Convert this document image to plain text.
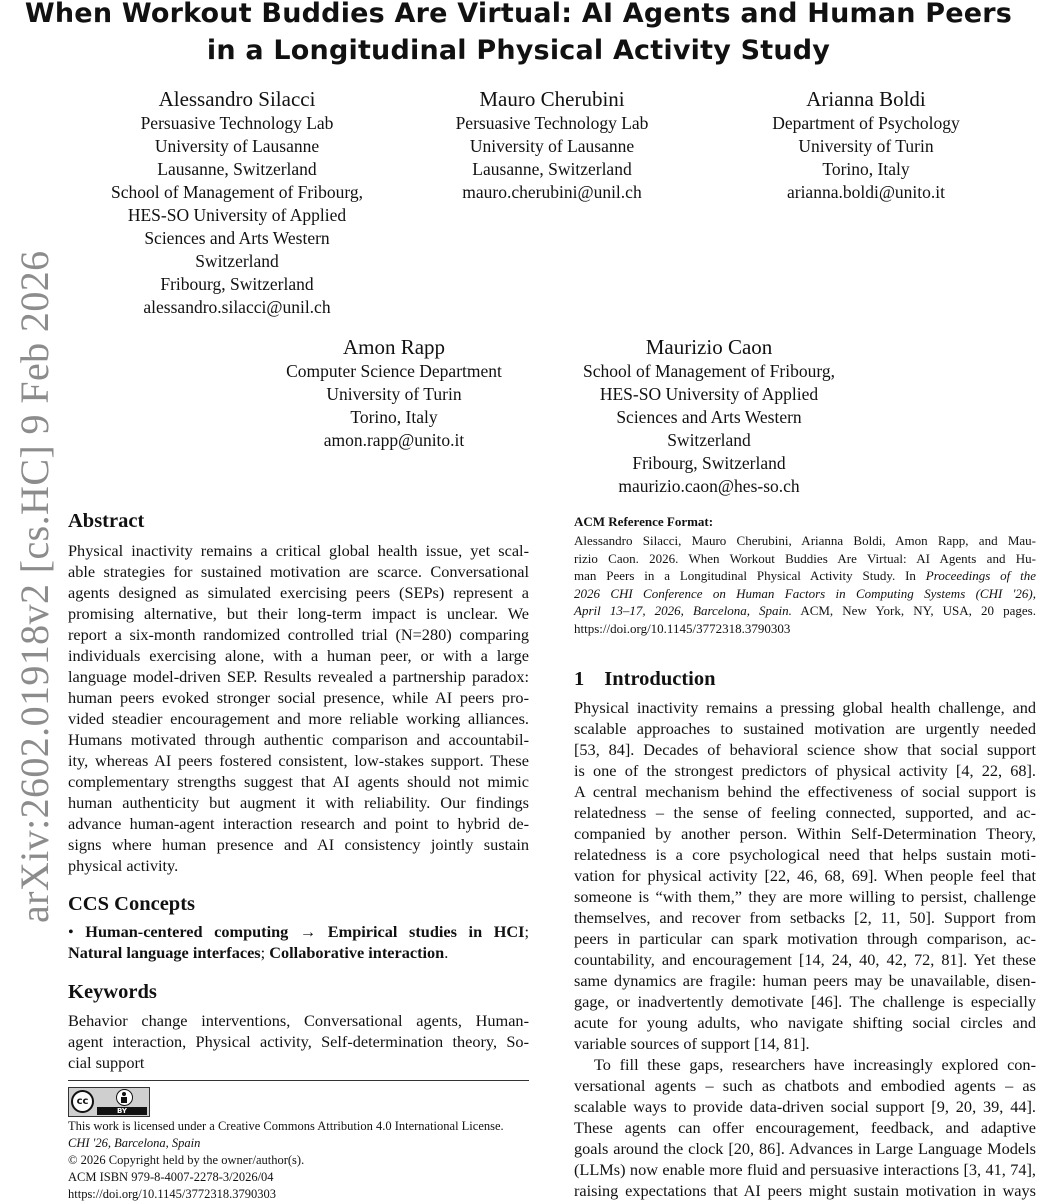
When Workout Buddies Are Virtual: AI Agents and Human Peers
in a Longitudinal Physical Activity Study
arXiv:2602.01918v2 [cs.HC] 9 Feb 2026
Alessandro Silacci
Persuasive Technology Lab
University of Lausanne
Lausanne, Switzerland
School of Management of Fribourg,
HES-SO University of Applied
Sciences and Arts Western
Switzerland
Fribourg, Switzerland
alessandro.silacci@unil.ch
Mauro Cherubini
Persuasive Technology Lab
University of Lausanne
Lausanne, Switzerland
mauro.cherubini@unil.ch
Arianna Boldi
Department of Psychology
University of Turin
Torino, Italy
arianna.boldi@unito.it
Amon Rapp
Computer Science Department
University of Turin
Torino, Italy
amon.rapp@unito.it
Maurizio Caon
School of Management of Fribourg,
HES-SO University of Applied
Sciences and Arts Western
Switzerland
Fribourg, Switzerland
maurizio.caon@hes-so.ch
Abstract
Physical inactivity remains a critical global health issue, yet scal-
able strategies for sustained motivation are scarce. Conversational
agents designed as simulated exercising peers (SEPs) represent a
promising alternative, but their long-term impact is unclear. We
report a six-month randomized controlled trial (N=280) comparing
individuals exercising alone, with a human peer, or with a large
language model-driven SEP. Results revealed a partnership paradox:
human peers evoked stronger social presence, while AI peers pro-
vided steadier encouragement and more reliable working alliances.
Humans motivated through authentic comparison and accountabil-
ity, whereas AI peers fostered consistent, low-stakes support. These
complementary strengths suggest that AI agents should not mimic
human authenticity but augment it with reliability. Our findings
advance human-agent interaction research and point to hybrid de-
signs where human presence and AI consistency jointly sustain
physical activity.
CCS Concepts
• Human-centered computing → Empirical studies in HCI;
Natural language interfaces; Collaborative interaction.
Keywords
Behavior change interventions, Conversational agents, Human-
agent interaction, Physical activity, Self-determination theory, So-
cial support
cc
BY
This work is licensed under a Creative Commons Attribution 4.0 International License.
CHI '26, Barcelona, Spain
© 2026 Copyright held by the owner/author(s).
ACM ISBN 979-8-4007-2278-3/2026/04
https://doi.org/10.1145/3772318.3790303
ACM Reference Format:
Alessandro Silacci, Mauro Cherubini, Arianna Boldi, Amon Rapp, and Mau-
rizio Caon. 2026. When Workout Buddies Are Virtual: AI Agents and Hu-
man Peers in a Longitudinal Physical Activity Study. In Proceedings of the
2026 CHI Conference on Human Factors in Computing Systems (CHI '26),
April 13–17, 2026, Barcelona, Spain. ACM, New York, NY, USA, 20 pages.
https://doi.org/10.1145/3772318.3790303
1 Introduction
Physical inactivity remains a pressing global health challenge, and
scalable approaches to sustained motivation are urgently needed
[53, 84]. Decades of behavioral science show that social support
is one of the strongest predictors of physical activity [4, 22, 68].
A central mechanism behind the effectiveness of social support is
relatedness – the sense of feeling connected, supported, and ac-
companied by another person. Within Self-Determination Theory,
relatedness is a core psychological need that helps sustain moti-
vation for physical activity [22, 46, 68, 69]. When people feel that
someone is “with them,” they are more willing to persist, challenge
themselves, and recover from setbacks [2, 11, 50]. Support from
peers in particular can spark motivation through comparison, ac-
countability, and encouragement [14, 24, 40, 42, 72, 81]. Yet these
same dynamics are fragile: human peers may be unavailable, disen-
gage, or inadvertently demotivate [46]. The challenge is especially
acute for young adults, who navigate shifting social circles and
variable sources of support [14, 81].
To fill these gaps, researchers have increasingly explored con-
versational agents – such as chatbots and embodied agents – as
scalable ways to provide data-driven social support [9, 20, 39, 44].
These agents can offer encouragement, feedback, and adaptive
goals around the clock [20, 86]. Advances in Large Language Models
(LLMs) now enable more fluid and persuasive interactions [3, 41, 74],
raising expectations that AI peers might sustain motivation in ways
